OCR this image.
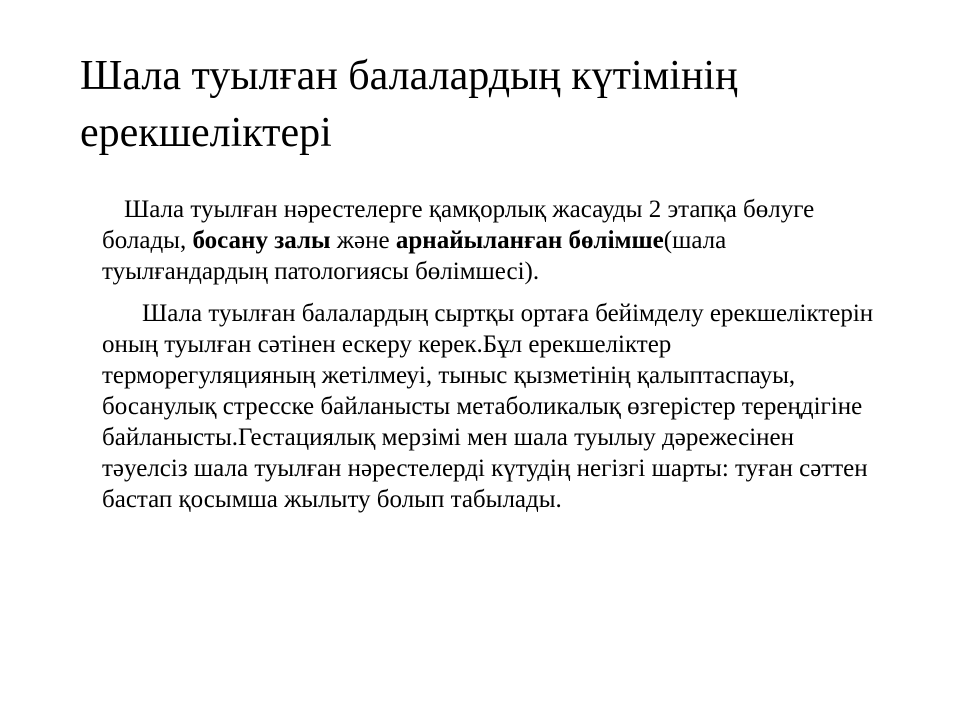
Шала туылған балалардың күтімінің ерекшеліктері

Шала туылған нәрестелерге қамқорлық жасауды 2 этапқа бөлуге болады, босану залы және арнайыланған бөлімше(шала туылғандардың патологиясы бөлімшесі).

Шала туылған балалардың сыртқы ортаға бейімделу ерекшеліктерін оның туылған сәтінен ескеру керек.Бұл ерекшеліктер терморегуляцияның жетілмеуі, тыныс қызметінің қалыптаспауы, босанулық стресске байланысты метаболикалық өзгерістер тереңдігіне байланысты.Гестациялық мерзімі мен шала туылыу дәрежесінен тәуелсіз шала туылған нәрестелерді күтудің негізгі шарты: туған сәттен бастап қосымша жылыту болып табылады.
